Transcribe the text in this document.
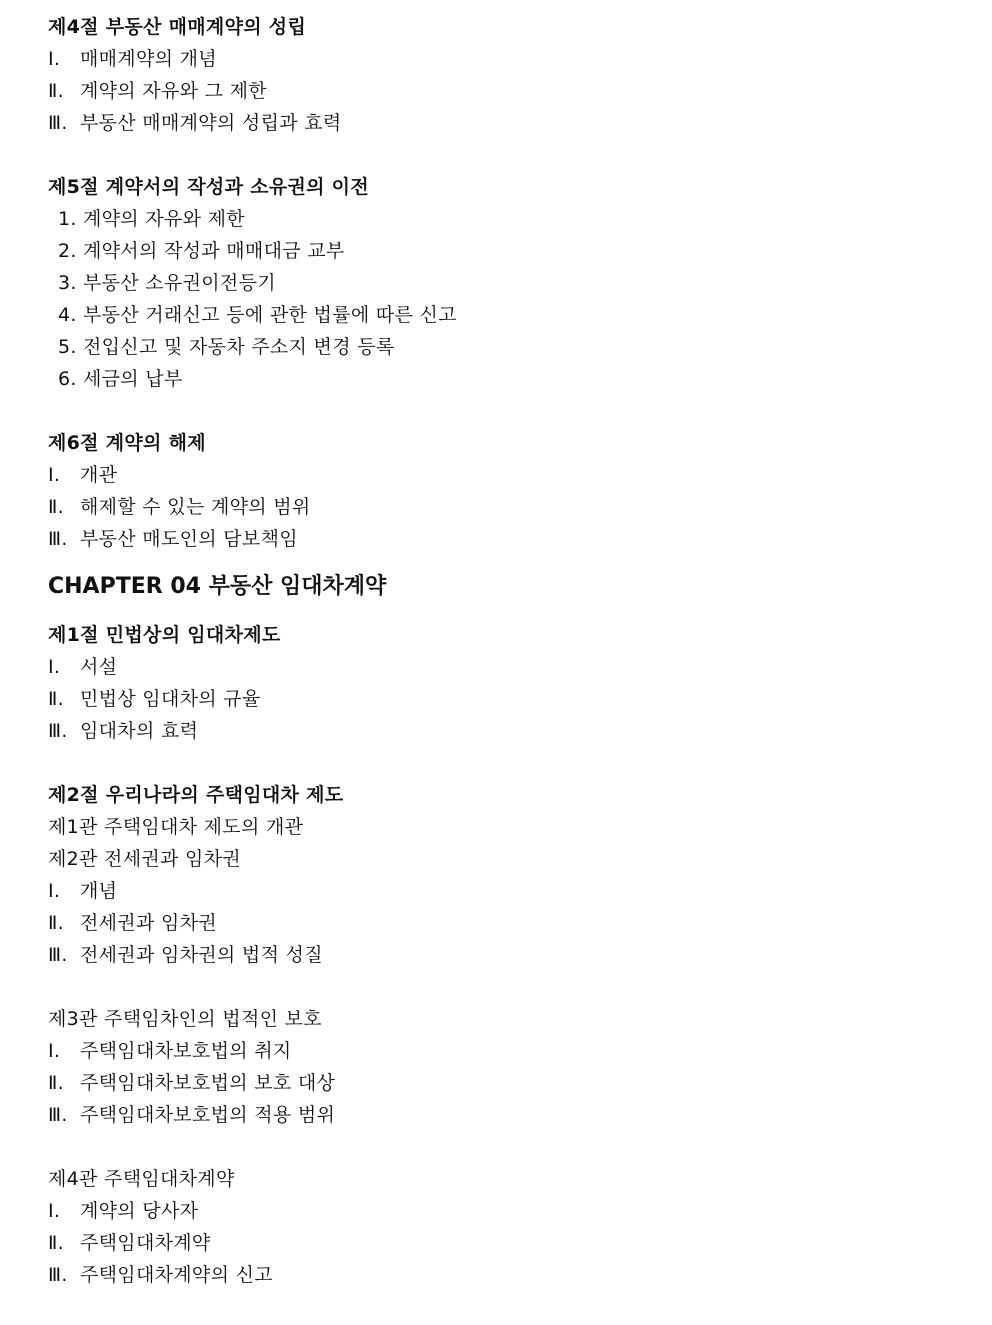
제4절 부동산 매매계약의 성립
Ⅰ. 매매계약의 개념
Ⅱ. 계약의 자유와 그 제한
Ⅲ. 부동산 매매계약의 성립과 효력
제5절 계약서의 작성과 소유권의 이전
1. 계약의 자유와 제한
2. 계약서의 작성과 매매대금 교부
3. 부동산 소유권이전등기
4. 부동산 거래신고 등에 관한 법률에 따른 신고
5. 전입신고 및 자동차 주소지 변경 등록
6. 세금의 납부
제6절 계약의 해제
Ⅰ. 개관
Ⅱ. 해제할 수 있는 계약의 범위
Ⅲ. 부동산 매도인의 담보책임
CHAPTER 04 부동산 임대차계약
제1절 민법상의 임대차제도
Ⅰ. 서설
Ⅱ. 민법상 임대차의 규율
Ⅲ. 임대차의 효력
제2절 우리나라의 주택임대차 제도
제1관 주택임대차 제도의 개관
제2관 전세권과 임차권
Ⅰ. 개념
Ⅱ. 전세권과 임차권
Ⅲ. 전세권과 임차권의 법적 성질
제3관 주택임차인의 법적인 보호
Ⅰ. 주택임대차보호법의 취지
Ⅱ. 주택임대차보호법의 보호 대상
Ⅲ. 주택임대차보호법의 적용 범위
제4관 주택임대차계약
Ⅰ. 계약의 당사자
Ⅱ. 주택임대차계약
Ⅲ. 주택임대차계약의 신고
